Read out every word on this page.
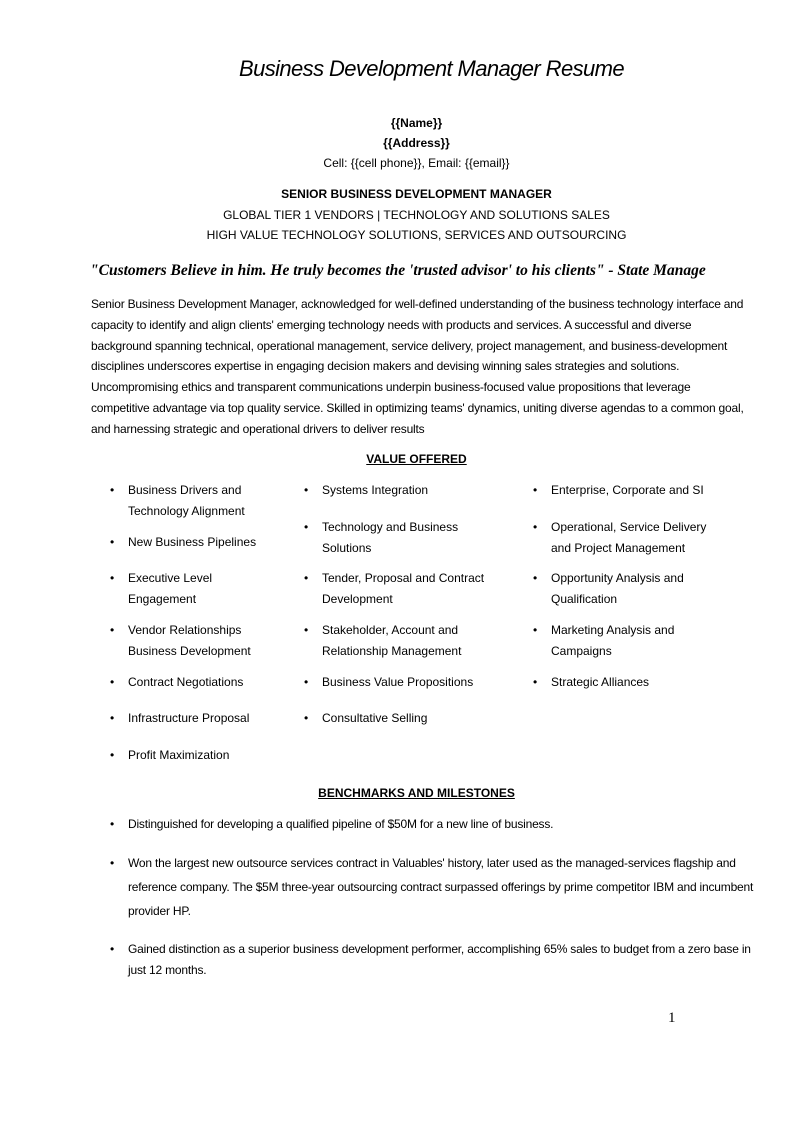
Business Development Manager Resume
{{Name}}
{{Address}}
Cell: {{cell phone}}, Email: {{email}}
SENIOR BUSINESS DEVELOPMENT MANAGER
GLOBAL TIER 1 VENDORS | TECHNOLOGY AND SOLUTIONS SALES
HIGH VALUE TECHNOLOGY SOLUTIONS, SERVICES AND OUTSOURCING
"Customers Believe in him. He truly becomes the 'trusted advisor' to his clients" - State Manage
Senior Business Development Manager, acknowledged for well-defined understanding of the business technology interface and capacity to identify and align clients' emerging technology needs with products and services. A successful and diverse background spanning technical, operational management, service delivery, project management, and business-development disciplines underscores expertise in engaging decision makers and devising winning sales strategies and solutions. Uncompromising ethics and transparent communications underpin business-focused value propositions that leverage competitive advantage via top quality service. Skilled in optimizing teams' dynamics, uniting diverse agendas to a common goal, and harnessing strategic and operational drivers to deliver results
VALUE OFFERED
• Business Drivers and Technology Alignment
• New Business Pipelines
• Executive Level Engagement
• Vendor Relationships Business Development
• Contract Negotiations
• Infrastructure Proposal
• Profit Maximization
• Systems Integration
• Technology and Business Solutions
• Tender, Proposal and Contract Development
• Stakeholder, Account and Relationship Management
• Business Value Propositions
• Consultative Selling
• Enterprise, Corporate and SI
• Operational, Service Delivery and Project Management
• Opportunity Analysis and Qualification
• Marketing Analysis and Campaigns
• Strategic Alliances
BENCHMARKS AND MILESTONES
• Distinguished for developing a qualified pipeline of $50M for a new line of business.
• Won the largest new outsource services contract in Valuables' history, later used as the managed-services flagship and reference company. The $5M three-year outsourcing contract surpassed offerings by prime competitor IBM and incumbent provider HP.
• Gained distinction as a superior business development performer, accomplishing 65% sales to budget from a zero base in just 12 months.
1
